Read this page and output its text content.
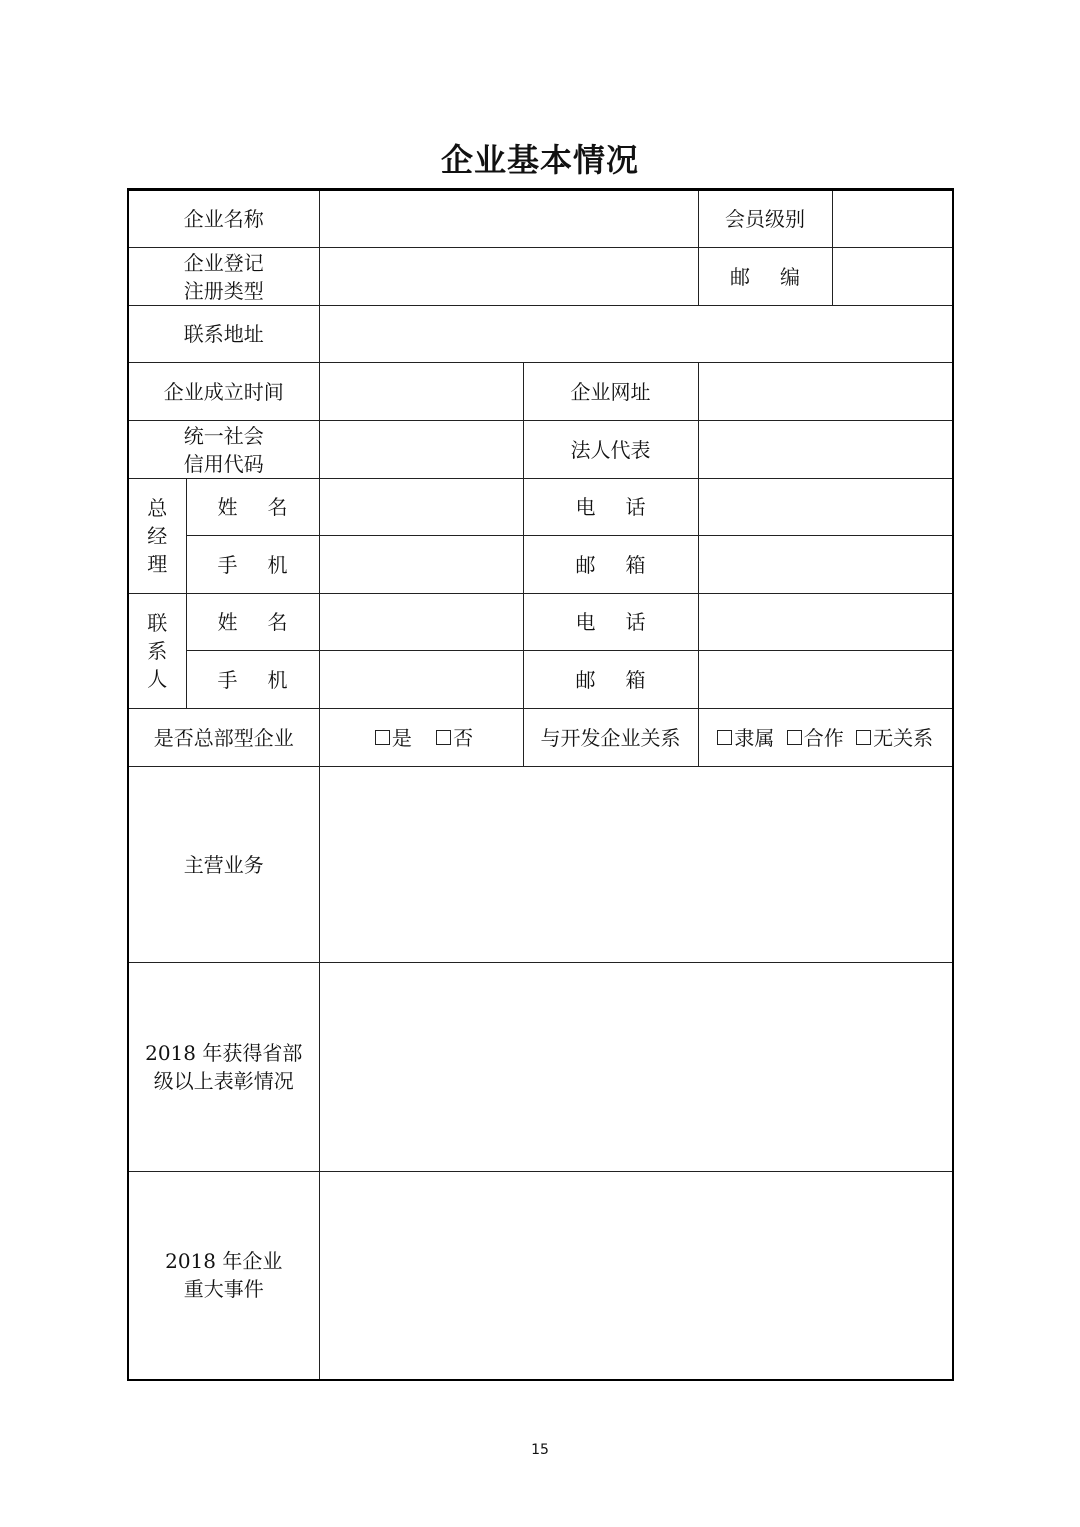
企业基本情况
企业名称				会员级别	
企业登记
注册类型				邮 编	

联系地址					
企业成立时间			企业网址		
统一社会
信用代码			法人代表		
总经理	姓 名		电 话		

	手 机		邮 箱		

联系人	姓 名		电 话		

	手 机		邮 箱		

是否总部型企业		是 否	与开发企业关系	隶属 合作 无关系	
主营业务					
2018 年获得省部
级以上表彰情况					
2018 年企业
重大事件					
15
